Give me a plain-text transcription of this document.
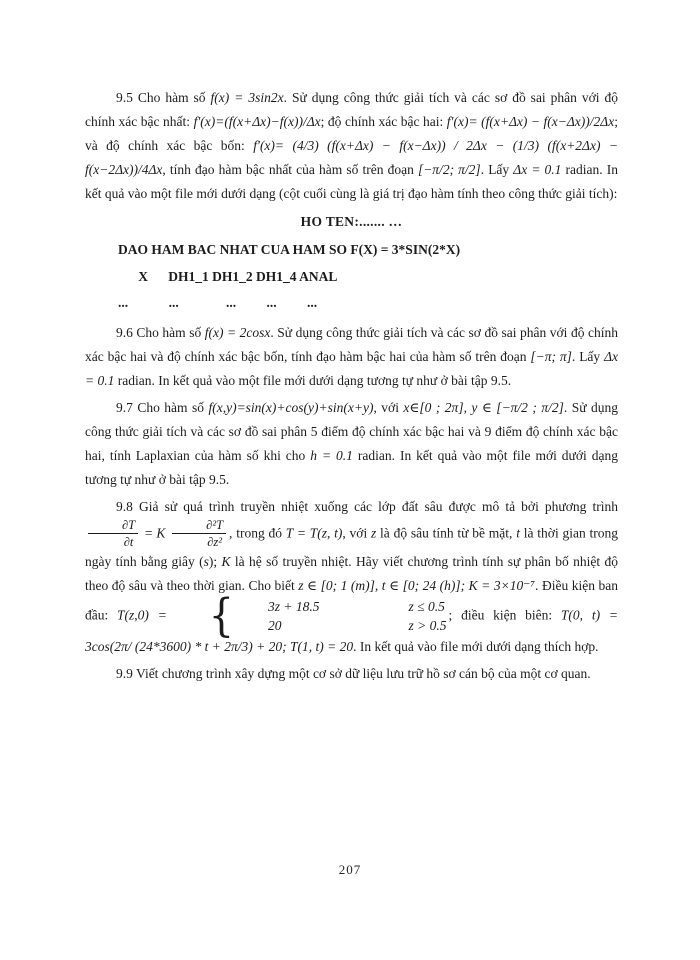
9.5 Cho hàm số f(x) = 3sin2x. Sử dụng công thức giải tích và các sơ đồ sai phân với độ chính xác bậc nhất: f′(x)=(f(x+Δx)−f(x))/Δx; độ chính xác bậc hai: f′(x)= (f(x+Δx) − f(x−Δx))/2Δx; và độ chính xác bậc bốn: f′(x)= (4/3) (f(x+Δx) − f(x−Δx)) / 2Δx − (1/3) (f(x+2Δx) − f(x−2Δx))/4Δx, tính đạo hàm bậc nhất của hàm số trên đoạn [−π/2; π/2]. Lấy Δx = 0.1 radian. In kết quả vào một file mới dưới dạng (cột cuối cùng là giá trị đạo hàm tính theo công thức giải tích):

HO TEN:....... …

DAO HAM BAC NHAT CUA HAM SO F(X) = 3*SIN(2*X)
X      DH1_1 DH1_2 DH1_4 ANAL
...            ...              ...         ...         ...

9.6 Cho hàm số f(x) = 2cosx. Sử dụng công thức giải tích và các sơ đồ sai phân với độ chính xác bậc hai và độ chính xác bậc bốn, tính đạo hàm bậc hai của hàm số trên đoạn [−π; π]. Lấy Δx = 0.1 radian. In kết quả vào một file mới dưới dạng tương tự như ở bài tập 9.5.

9.7 Cho hàm số f(x,y)=sin(x)+cos(y)+sin(x+y), với x∈[0 ; 2π], y ∈ [−π/2 ; π/2]. Sử dụng công thức giải tích và các sơ đồ sai phân 5 điểm độ chính xác bậc hai và 9 điểm độ chính xác bậc hai, tính Laplaxian của hàm số khi cho h = 0.1 radian. In kết quả vào một file mới dưới dạng tương tự như ở bài tập 9.5.

9.8 Giả sử quá trình truyền nhiệt xuống các lớp đất sâu được mô tả bởi phương trình
$\frac{\partial T}{\partial t} = K \frac{\text{∂²T}}{\text{∂z²}}$ , trong đó T = T(z, t), với z là độ sâu tính từ bề mặt, t là thời gian trong ngày tính bằng giây (s); K là hệ số truyền nhiệt. Hãy viết chương trình tính sự phân bố nhiệt độ theo độ sâu và theo thời gian. Cho biết z ∈ [0; 1 (m)], t ∈ [0; 24 (h)]; K = 3×10⁻⁷. Điều kiện ban đầu: T(z,0) = {	3z + 18.5	z ≤ 0.5
20	z > 0.5
; điều kiện biên: T(0, t) = 3cos(2π/ (24*3600) * t + 2π/3) + 20; T(1, t) = 20. In kết quả vào file mới dưới dạng thích hợp.

9.9 Viết chương trình xây dựng một cơ sở dữ liệu lưu trữ hồ sơ cán bộ của một cơ quan.

207
